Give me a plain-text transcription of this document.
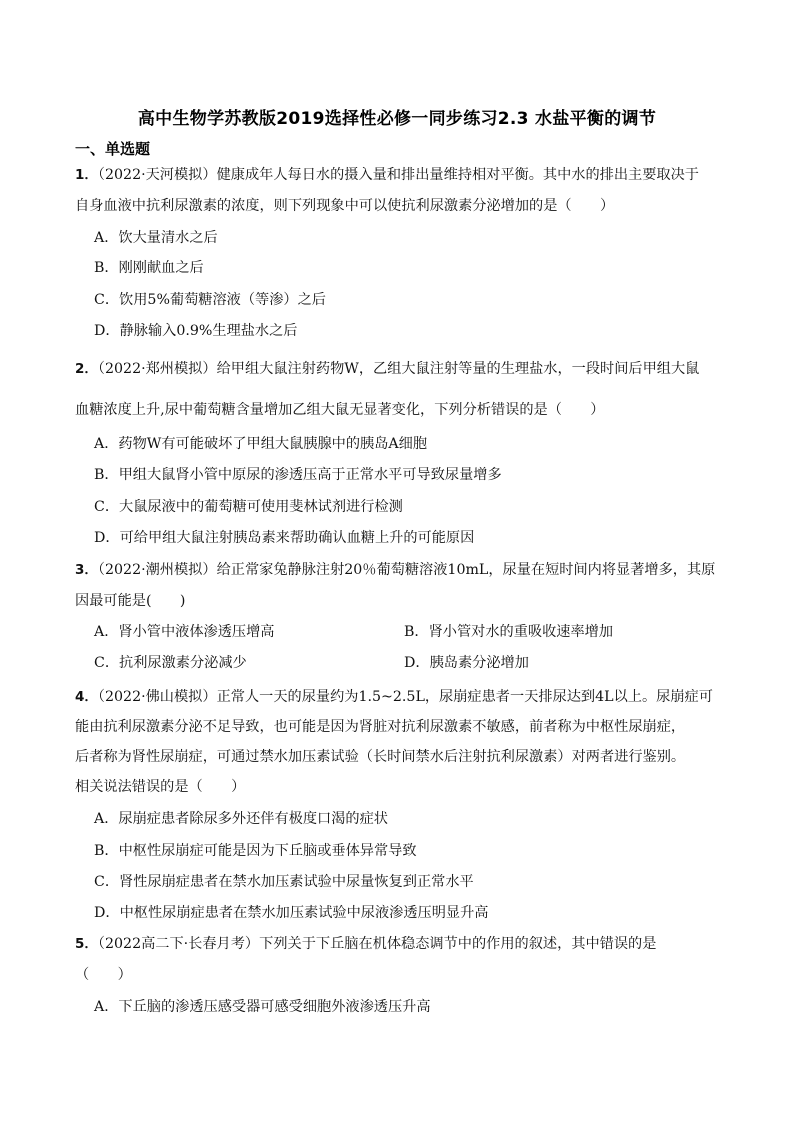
高中生物学苏教版2019选择性必修一同步练习2.3 水盐平衡的调节
一、单选题
1．（2022·天河模拟）健康成年人每日水的摄入量和排出量维持相对平衡。其中水的排出主要取决于
自身血液中抗利尿激素的浓度，则下列现象中可以使抗利尿激素分泌增加的是（　　）
A．饮大量清水之后
B．刚刚献血之后
C．饮用5%葡萄糖溶液（等渗）之后
D．静脉输入0.9%生理盐水之后
2．（2022·郑州模拟）给甲组大鼠注射药物W，乙组大鼠注射等量的生理盐水，一段时间后甲组大鼠
血糖浓度上升,尿中葡萄糖含量增加乙组大鼠无显著变化，下列分析错误的是（　　）
A．药物W有可能破坏了甲组大鼠胰腺中的胰岛A细胞
B．甲组大鼠肾小管中原尿的渗透压高于正常水平可导致尿量增多
C．大鼠尿液中的葡萄糖可使用斐林试剂进行检测
D．可给甲组大鼠注射胰岛素来帮助确认血糖上升的可能原因
3．（2022·潮州模拟）给正常家兔静脉注射20％葡萄糖溶液10mL，尿量在短时间内将显著增多，其原
因最可能是(　　)
A．肾小管中液体渗透压增高	B．肾小管对水的重吸收速率增加
C．抗利尿激素分泌减少	D．胰岛素分泌增加
4．（2022·佛山模拟）正常人一天的尿量约为1.5~2.5L，尿崩症患者一天排尿达到4L以上。尿崩症可
能由抗利尿激素分泌不足导致，也可能是因为肾脏对抗利尿激素不敏感，前者称为中枢性尿崩症，
后者称为肾性尿崩症，可通过禁水加压素试验（长时间禁水后注射抗利尿激素）对两者进行鉴别。
相关说法错误的是（　　）
A．尿崩症患者除尿多外还伴有极度口渴的症状
B．中枢性尿崩症可能是因为下丘脑或垂体异常导致
C．肾性尿崩症患者在禁水加压素试验中尿量恢复到正常水平
D．中枢性尿崩症患者在禁水加压素试验中尿液渗透压明显升高
5．（2022高二下·长春月考）下列关于下丘脑在机体稳态调节中的作用的叙述，其中错误的是
（　　）
A．下丘脑的渗透压感受器可感受细胞外液渗透压升高
